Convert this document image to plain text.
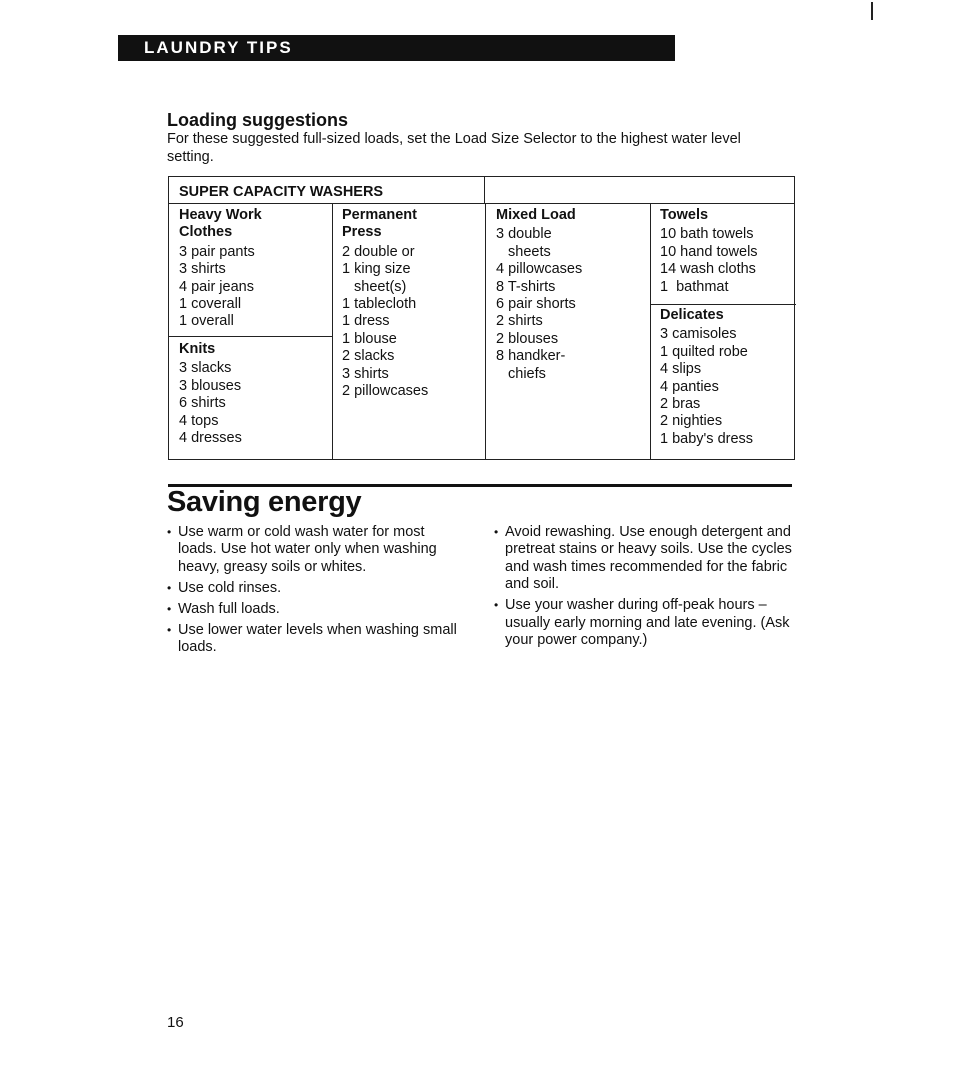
LAUNDRY TIPS
Loading suggestions

For these suggested full-sized loads, set the Load Size Selector to the highest water level setting.

SUPER CAPACITY WASHERS
Heavy Work
Clothes
3 pair pants
3 shirts
4 pair jeans
1 coverall
1 overall
Knits
3 slacks
3 blouses
6 shirts
4 tops
4 dresses
Permanent
Press
2 double or
1 king size
sheet(s)
1 tablecloth
1 dress
1 blouse
2 slacks
3 shirts
2 pillowcases
Mixed Load
3 double
sheets
4 pillowcases
8 T-shirts
6 pair shorts
2 shirts
2 blouses
8 handker-
chiefs
Towels
10 bath towels
10 hand towels
14 wash cloths
1  bathmat
Delicates
3 camisoles
1 quilted robe
4 slips
4 panties
2 bras
2 nighties
1 baby's dress
Saving energy
• Use warm or cold wash water for most loads. Use hot water only when washing heavy, greasy soils or whites.
• Use cold rinses.
• Wash full loads.
• Use lower water levels when washing small loads.
• Avoid rewashing. Use enough detergent and pretreat stains or heavy soils. Use the cycles and wash times recommended for the fabric and soil.
• Use your washer during off-peak hours – usually early morning and late evening. (Ask your power company.)
16
